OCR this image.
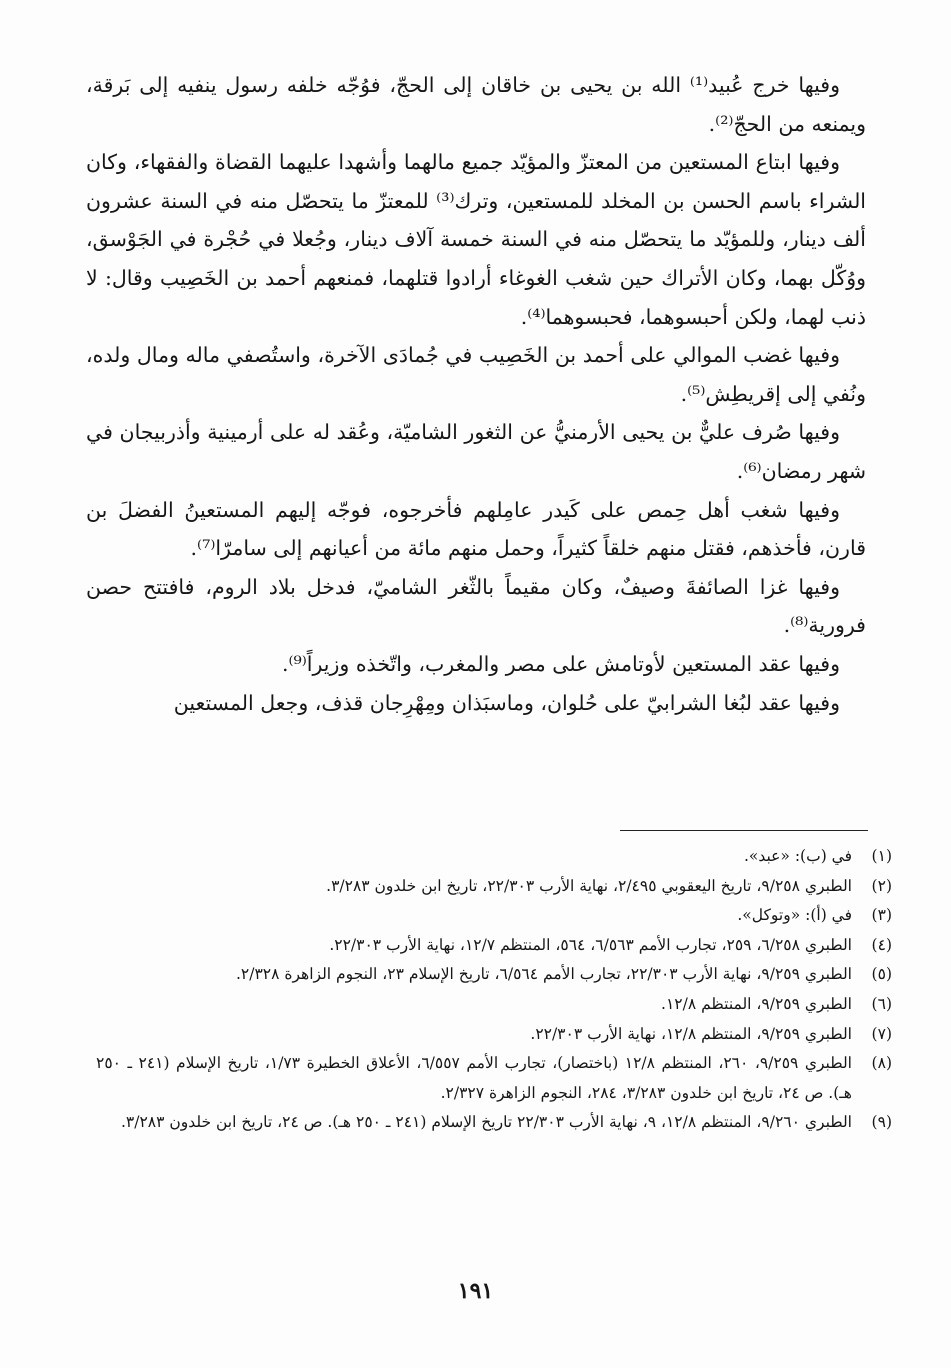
وفيها خرج عُبيد⁽¹⁾ الله بن يحيى بن خاقان إلى الحجّ، فوُجّه خلفه رسول ينفيه إلى بَرقة، ويمنعه من الحجّ⁽²⁾.

وفيها ابتاع المستعين من المعتزّ والمؤيّد جميع مالهما وأشهدا عليهما القضاة والفقهاء، وكان الشراء باسم الحسن بن المخلد للمستعين، وترك⁽³⁾ للمعتزّ ما يتحصّل منه في السنة عشرون ألف دينار، وللمؤيّد ما يتحصّل منه في السنة خمسة آلاف دينار، وجُعلا في حُجْرة في الجَوْسق، ووُكّل بهما، وكان الأتراك حين شغب الغوغاء أرادوا قتلهما، فمنعهم أحمد بن الخَصِيب وقال: لا ذنب لهما، ولكن أحبسوهما، فحبسوهما⁽⁴⁾.

وفيها غضب الموالي على أحمد بن الخَصِيب في جُمادَى الآخرة، واستُصفي ماله ومال ولده، ونُفي إلى إقريطِش⁽⁵⁾.

وفيها صُرف عليٌّ بن يحيى الأرمنيُّ عن الثغور الشاميّة، وعُقد له على أرمينية وأذربيجان في شهر رمضان⁽⁶⁾.

وفيها شغب أهل حِمص على كَيدر عامِلهم فأخرجوه، فوجّه إليهم المستعينُ الفضلَ بن قارن، فأخذهم، فقتل منهم خلقاً كثيراً، وحمل منهم مائة من أعيانهم إلى سامرّا⁽⁷⁾.

وفيها غزا الصائفةَ وصيفٌ، وكان مقيماً بالثّغر الشاميّ، فدخل بلاد الروم، فافتتح حصن فرورية⁽⁸⁾.

وفيها عقد المستعين لأوتامش على مصر والمغرب، واتّخذه وزيراً⁽⁹⁾.

وفيها عقد لبُغا الشرابيّ على حُلوان، وماسبَذان ومِهْرِجان قذف، وجعل المستعين

(١)
في (ب): «عبد».
(٢)
الطبري ٩/٢٥٨، تاريخ اليعقوبي ٢/٤٩٥، نهاية الأرب ٢٢/٣٠٣، تاريخ ابن خلدون ٣/٢٨٣.
(٣)
في (أ): «وتوكل».
(٤)
الطبري ٦/٢٥٨، ٢٥٩، تجارب الأمم ٦/٥٦٣، ٥٦٤، المنتظم ١٢/٧، نهاية الأرب ٢٢/٣٠٣.
(٥)
الطبري ٩/٢٥٩، نهاية الأرب ٢٢/٣٠٣، تجارب الأمم ٦/٥٦٤، تاريخ الإسلام ٢٣، النجوم الزاهرة ٢/٣٢٨.
(٦)
الطبري ٩/٢٥٩، المنتظم ١٢/٨.
(٧)
الطبري ٩/٢٥٩، المنتظم ١٢/٨، نهاية الأرب ٢٢/٣٠٣.
(٨)
الطبري ٩/٢٥٩، ٢٦٠، المنتظم ١٢/٨ (باختصار)، تجارب الأمم ٦/٥٥٧، الأعلاق الخطيرة ١/٧٣، تاريخ الإسلام (٢٤١ ـ ٢٥٠ هـ). ص ٢٤، تاريخ ابن خلدون ٣/٢٨٣، ٢٨٤، النجوم الزاهرة ٢/٣٢٧.
(٩)
الطبري ٩/٢٦٠، المنتظم ١٢/٨، ٩، نهاية الأرب ٢٢/٣٠٣ تاريخ الإسلام (٢٤١ ـ ٢٥٠ هـ). ص ٢٤، تاريخ ابن خلدون ٣/٢٨٣.
١٩١
